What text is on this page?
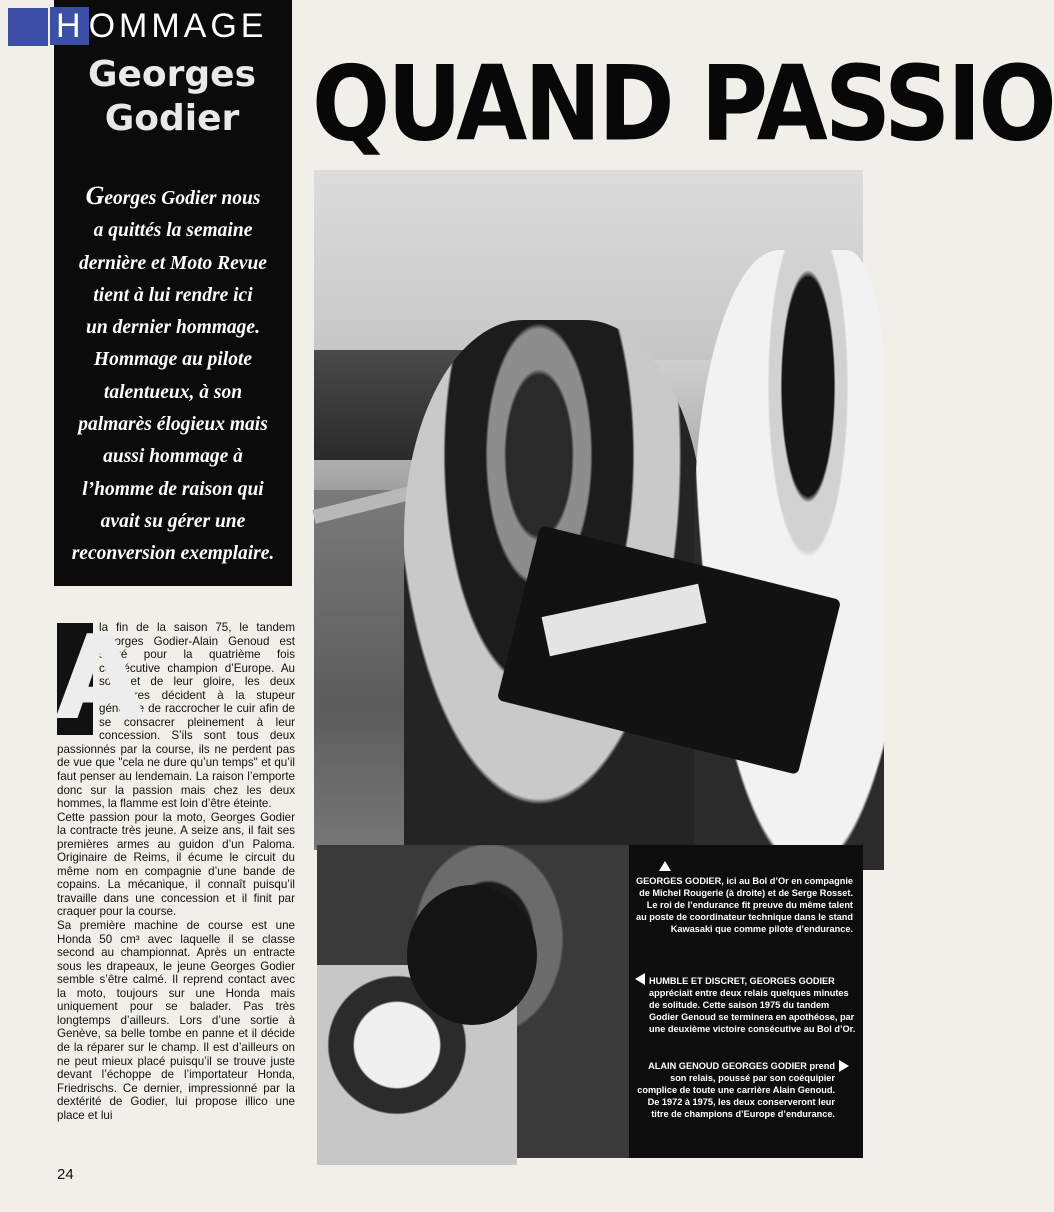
H OMMAGE
Georges
Godier

Georges Godier nous
a quittés la semaine
dernière et Moto Revue
tient à lui rendre ici
un dernier hommage.
Hommage au pilote
talentueux, à son
palmarès élogieux mais
aussi hommage à
l’homme de raison qui
avait su gérer une
reconversion exemplaire.

QUAND PASSIO

GEORGES GODIER, ici au Bol d’Or en compagnie de Michel Rougerie (à droite) et de Serge Rosset. Le roi de l’endurance fit preuve du même talent au poste de coordinateur technique dans le stand Kawasaki que comme pilote d’endurance.

HUMBLE ET DISCRET, GEORGES GODIER appréciait entre deux relais quelques minutes de solitude. Cette saison 1975 du tandem Godier Genoud se terminera en apothéose, par une deuxième victoire consécutive au Bol d’Or.

ALAIN GENOUD GEORGES GODIER prend son relais, poussé par son coéquipier complice de toute une carrière Alain Genoud. De 1972 à 1975, les deux conserveront leur titre de champions d’Europe d’endurance.

A

la fin de la saison 75, le tandem Georges Godier-Alain Genoud est sacré pour la quatrième fois consécutive champion d’Europe. Au sommet de leur gloire, les deux compères décident à la stupeur générale de raccrocher le cuir afin de se consacrer pleinement à leur concession. S’ils sont tous deux passionnés par la course, ils ne perdent pas de vue que "cela ne dure qu’un temps" et qu’il faut penser au lendemain. La raison l’emporte donc sur la passion mais chez les deux hommes, la flamme est loin d’être éteinte.

Cette passion pour la moto, Georges Godier la contracte très jeune. A seize ans, il fait ses premières armes au guidon d’un Paloma. Originaire de Reims, il écume le circuit du même nom en compagnie d’une bande de copains. La mécanique, il connaît puisqu’il travaille dans une concession et il finit par craquer pour la course.

Sa première machine de course est une Honda 50 cm³ avec laquelle il se classe second au championnat. Après un entracte sous les drapeaux, le jeune Georges Godier semble s’être calmé. Il reprend contact avec la moto, toujours sur une Honda mais uniquement pour se balader. Pas très longtemps d’ailleurs. Lors d’une sortie à Genève, sa belle tombe en panne et il décide de la réparer sur le champ. Il est d’ailleurs on ne peut mieux placé puisqu’il se trouve juste devant l’échoppe de l’importateur Honda, Friedrischs. Ce dernier, impressionné par la dextérité de Godier, lui propose illico une place et lui

24
